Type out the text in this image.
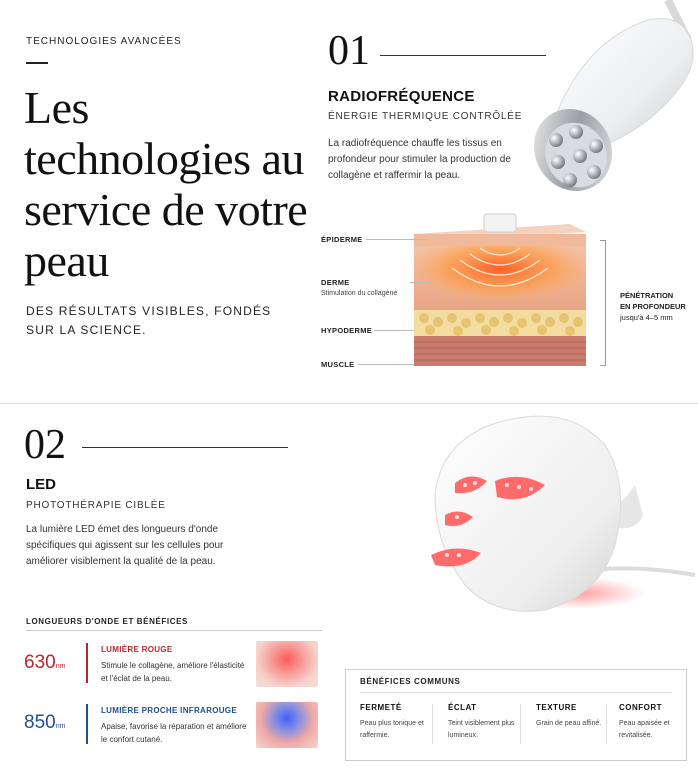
TECHNOLOGIES AVANCÉES
Les technologies au service de votre peau
DES RÉSULTATS VISIBLES, FONDÉS SUR LA SCIENCE.
01
RADIOFRÉQUENCE
ÉNERGIE THERMIQUE CONTRÔLÉE
La radiofréquence chauffe les tissus en profondeur pour stimuler la production de collagène et raffermir la peau.
ÉPIDERME
DERME
Stimulation du collagène
HYPODERME
MUSCLE
PÉNÉTRATION
EN PROFONDEUR
jusqu'à 4–5 mm
02
LED
PHOTOTHÉRAPIE CIBLÉE
La lumière LED émet des longueurs d'onde spécifiques qui agissent sur les cellules pour améliorer visiblement la qualité de la peau.
LONGUEURS D'ONDE ET BÉNÉFICES
630nm
LUMIÈRE ROUGE
Stimule le collagène, améliore l'élasticité et l'éclat de la peau.
850nm
LUMIÈRE PROCHE INFRAROUGE
Apaise, favorise la réparation et améliore le confort cutané.
BÉNÉFICES COMMUNS
FERMETÉ
Peau plus tonique et raffermie.
ÉCLAT
Teint visiblement plus lumineux.
TEXTURE
Grain de peau affiné.
CONFORT
Peau apaisée et revitalisée.
